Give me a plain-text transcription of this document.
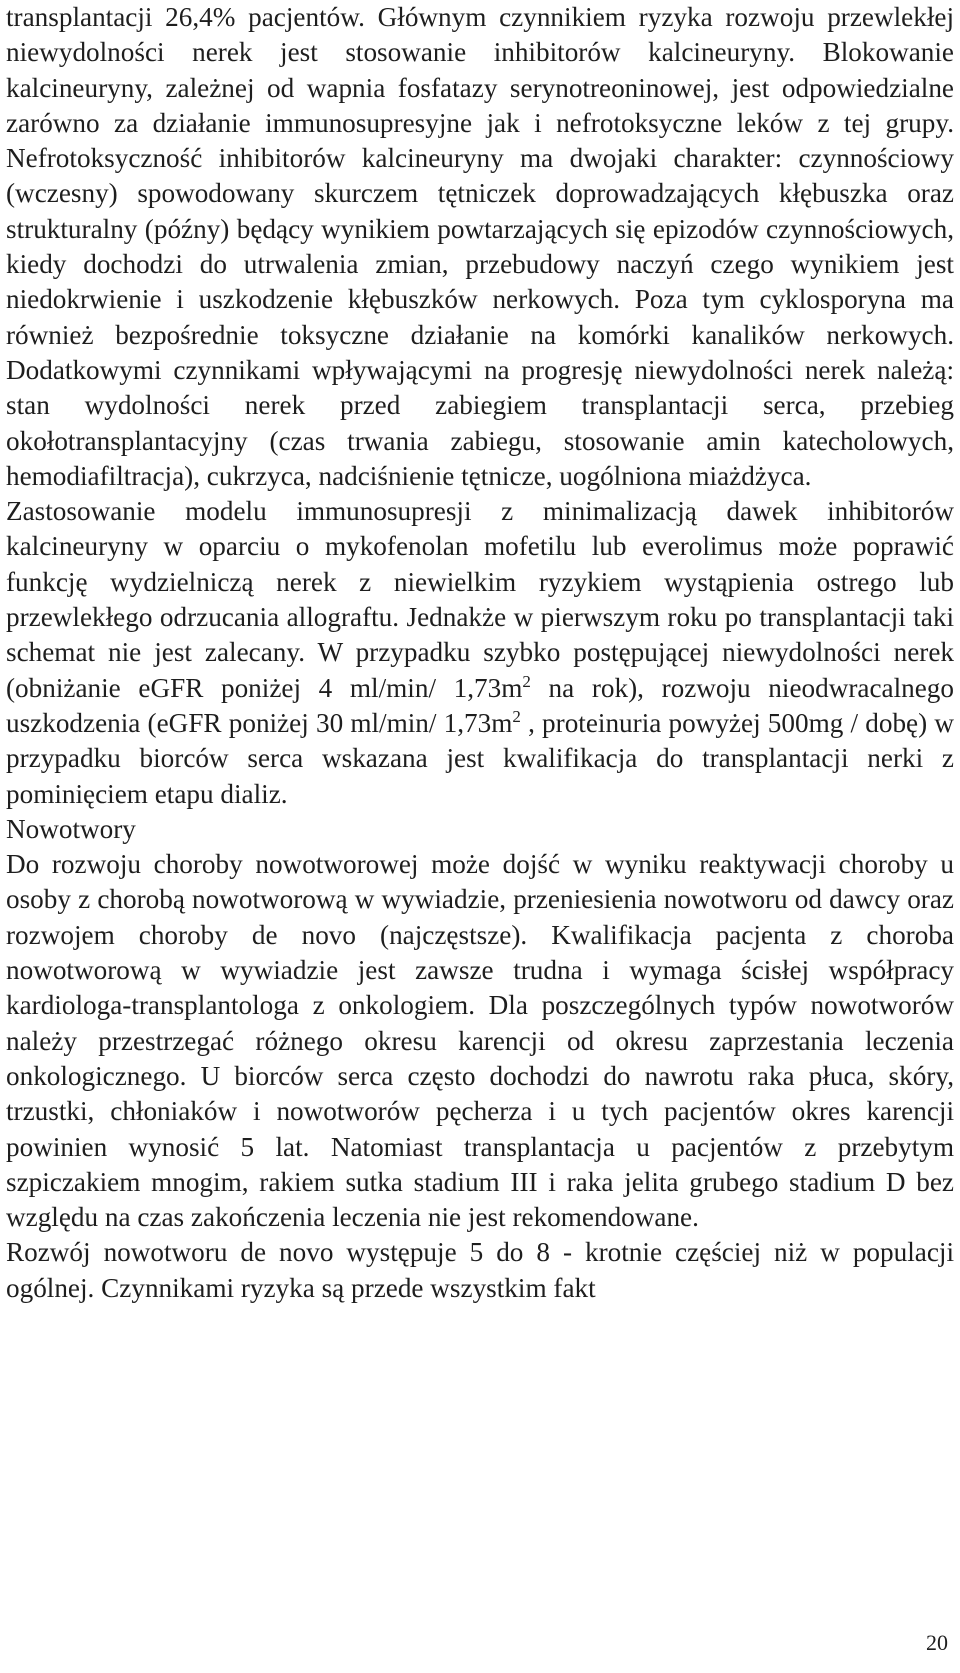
transplantacji 26,4% pacjentów. Głównym czynnikiem ryzyka rozwoju przewlekłej niewydolności nerek jest stosowanie inhibitorów kalcineuryny. Blokowanie kalcineuryny, zależnej od wapnia fosfatazy serynotreoninowej, jest odpowiedzialne zarówno za działanie immunosupresyjne jak i nefrotoksyczne leków z tej grupy. Nefrotoksyczność inhibitorów kalcineuryny ma dwojaki charakter: czynnościowy (wczesny) spowodowany skurczem tętniczek doprowadzających kłębuszka oraz strukturalny (późny) będący wynikiem powtarzających się epizodów czynnościowych, kiedy dochodzi do utrwalenia zmian, przebudowy naczyń czego wynikiem jest niedokrwienie i uszkodzenie kłębuszków nerkowych. Poza tym cyklosporyna ma również bezpośrednie toksyczne działanie na komórki kanalików nerkowych. Dodatkowymi czynnikami wpływającymi na progresję niewydolności nerek należą: stan wydolności nerek przed zabiegiem transplantacji serca, przebieg okołotransplantacyjny (czas trwania zabiegu, stosowanie amin katecholowych, hemodiafiltracja), cukrzyca, nadciśnienie tętnicze, uogólniona miażdżyca.

Zastosowanie modelu immunosupresji z minimalizacją dawek inhibitorów kalcineuryny w oparciu o mykofenolan mofetilu lub everolimus może poprawić funkcję wydzielniczą nerek z niewielkim ryzykiem wystąpienia ostrego lub przewlekłego odrzucania allograftu. Jednakże w pierwszym roku po transplantacji taki schemat nie jest zalecany. W przypadku szybko postępującej niewydolności nerek (obniżanie eGFR poniżej 4 ml/min/ $1,73m^2$ na rok), rozwoju nieodwracalnego uszkodzenia (eGFR poniżej 30 ml/min/ $1,73m^2$ , proteinuria powyżej 500mg / dobę) w przypadku biorców serca wskazana jest kwalifikacja do transplantacji nerki z pominięciem etapu dializ.

Nowotwory

Do rozwoju choroby nowotworowej może dojść w wyniku reaktywacji choroby u osoby z chorobą nowotworową w wywiadzie, przeniesienia nowotworu od dawcy oraz rozwojem choroby de novo (najczęstsze). Kwalifikacja pacjenta z choroba nowotworową w wywiadzie jest zawsze trudna i wymaga ścisłej współpracy kardiologa-transplantologa z onkologiem. Dla poszczególnych typów nowotworów należy przestrzegać różnego okresu karencji od okresu zaprzestania leczenia onkologicznego. U biorców serca często dochodzi do nawrotu raka płuca, skóry, trzustki, chłoniaków i nowotworów pęcherza i u tych pacjentów okres karencji powinien wynosić 5 lat. Natomiast transplantacja u pacjentów z przebytym szpiczakiem mnogim, rakiem sutka stadium III i raka jelita grubego stadium D bez względu na czas zakończenia leczenia nie jest rekomendowane.

Rozwój nowotworu de novo występuje 5 do 8 - krotnie częściej niż w populacji ogólnej. Czynnikami ryzyka są przede wszystkim fakt

20
